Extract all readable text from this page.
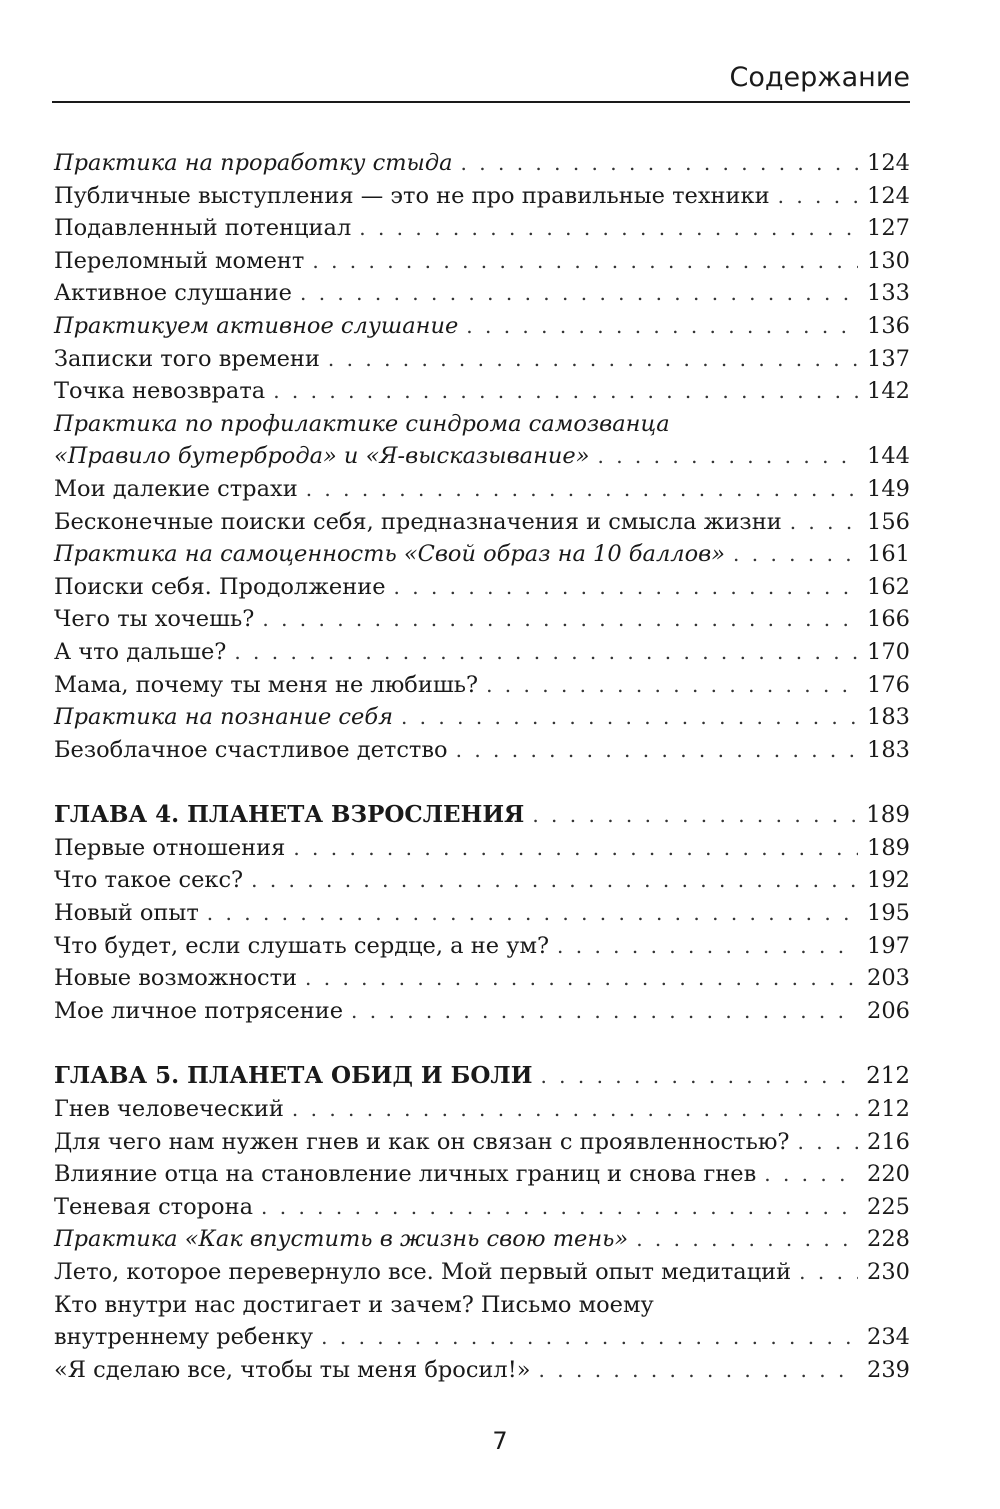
Содержание
Практика на проработку стыда . . .	124
Публичные выступления — это не про правильные техники . . .	124
Подавленный потенциал . . .	127
Переломный момент . . .	130
Активное слушание . . .	133
Практикуем активное слушание . . .	136
Записки того времени . . .	137
Точка невозврата . . .	142
Практика по профилактике синдрома самозванца
«Правило бутерброда» и «Я-высказывание» . . .	144
Мои далекие страхи . . .	149
Бесконечные поиски себя, предназначения и смысла жизни . . .	156
Практика на самоценность «Свой образ на 10 баллов» . . .	161
Поиски себя. Продолжение . . .	162
Чего ты хочешь? . . .	166
А что дальше? . . .	170
Мама, почему ты меня не любишь? . . .	176
Практика на познание себя . . .	183
Безоблачное счастливое детство . . .	183
ГЛАВА 4. ПЛАНЕТА ВЗРОСЛЕНИЯ . . .	189
Первые отношения . . .	189
Что такое секс? . . .	192
Новый опыт . . .	195
Что будет, если слушать сердце, а не ум? . . .	197
Новые возможности . . .	203
Мое личное потрясение . . .	206
ГЛАВА 5. ПЛАНЕТА ОБИД И БОЛИ . . .	212
Гнев человеческий . . .	212
Для чего нам нужен гнев и как он связан с проявленностью? . . .	216
Влияние отца на становление личных границ и снова гнев . . .	220
Теневая сторона . . .	225
Практика «Как впустить в жизнь свою тень» . . .	228
Лето, которое перевернуло все. Мой первый опыт медитаций . . .	230
Кто внутри нас достигает и зачем? Письмо моему
внутреннему ребенку . . .	234
«Я сделаю все, чтобы ты меня бросил!» . . .	239
7
